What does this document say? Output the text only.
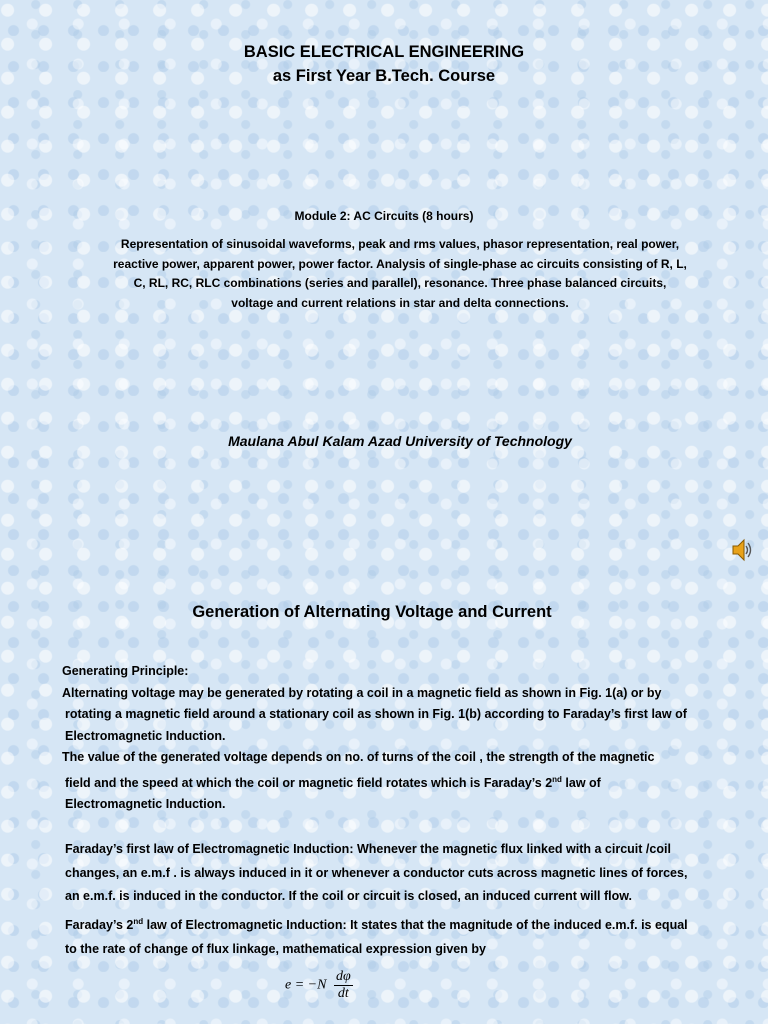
BASIC ELECTRICAL ENGINEERING
as First Year B.Tech. Course
Module 2: AC Circuits (8 hours)
Representation of sinusoidal waveforms, peak and rms values, phasor representation, real power,
reactive power, apparent power, power factor. Analysis of single-phase ac circuits consisting of R, L,
C, RL, RC, RLC combinations (series and parallel), resonance. Three phase balanced circuits,
voltage and current relations in star and delta connections.
Maulana Abul Kalam Azad University of Technology
Generation of Alternating Voltage and Current
Generating Principle:
Alternating voltage may be generated by rotating a coil in a magnetic field as shown in Fig. 1(a) or by
rotating a magnetic field around a stationary coil as shown in Fig. 1(b) according to Faraday’s first law of
Electromagnetic Induction.
The value of the generated voltage depends on no. of turns of the coil , the strength of the magnetic
field and the speed at which the coil or magnetic field rotates which is Faraday’s 2nd law of
Electromagnetic Induction.
Faraday’s first law of Electromagnetic Induction: Whenever the magnetic flux linked with a circuit /coil
changes, an e.m.f . is always induced in it or whenever a conductor cuts across magnetic lines of forces,
an e.m.f. is induced in the conductor. If the coil or circuit is closed, an induced current will flow.
Faraday’s 2nd law of Electromagnetic Induction: It states that the magnitude of the induced e.m.f. is equal
to the rate of change of flux linkage, mathematical expression given by
$e = -N \frac{d\varphi}{dt}$
